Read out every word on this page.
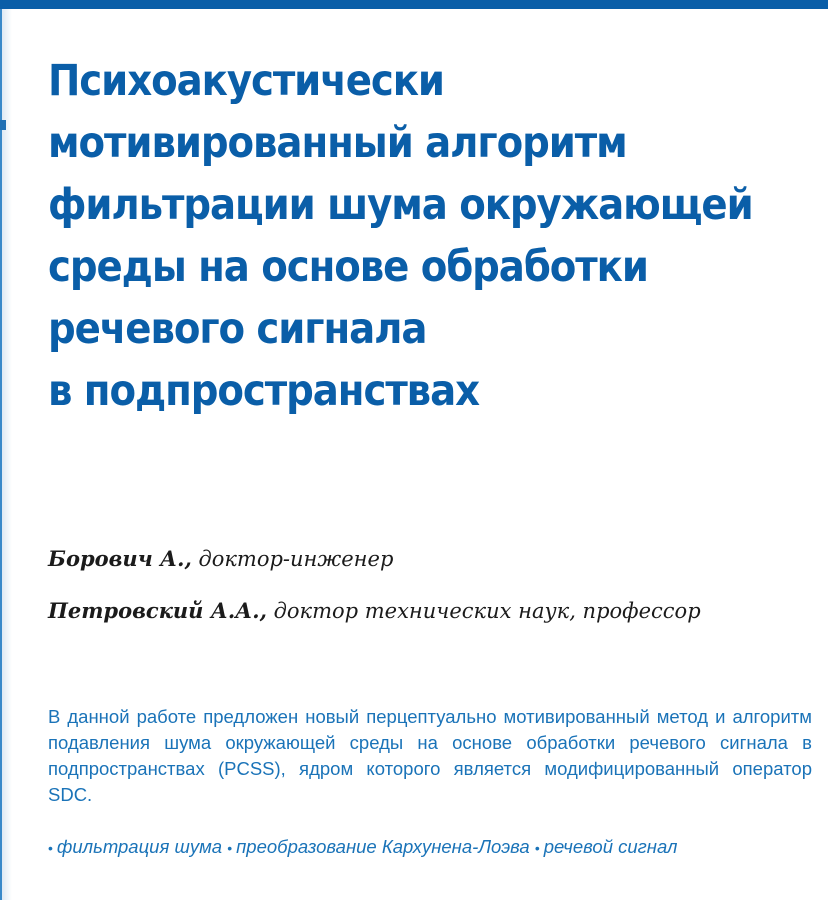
Психоакустически
мотивированный алгоритм
фильтрации шума окружающей
среды на основе обработки
речевого сигнала
в подпространствах
Борович А., доктор-инженер
Петровский А.А., доктор технических наук, профессор

В данной работе предложен новый перцептуально мотивированный метод и алгоритм подавления шума окружающей среды на основе обработки речевого сигнала в подпространствах (PCSS), ядром которого является модифицированный оператор SDC.

• фильтрация шума • преобразование Кархунена-Лоэва • речевой сигнал
